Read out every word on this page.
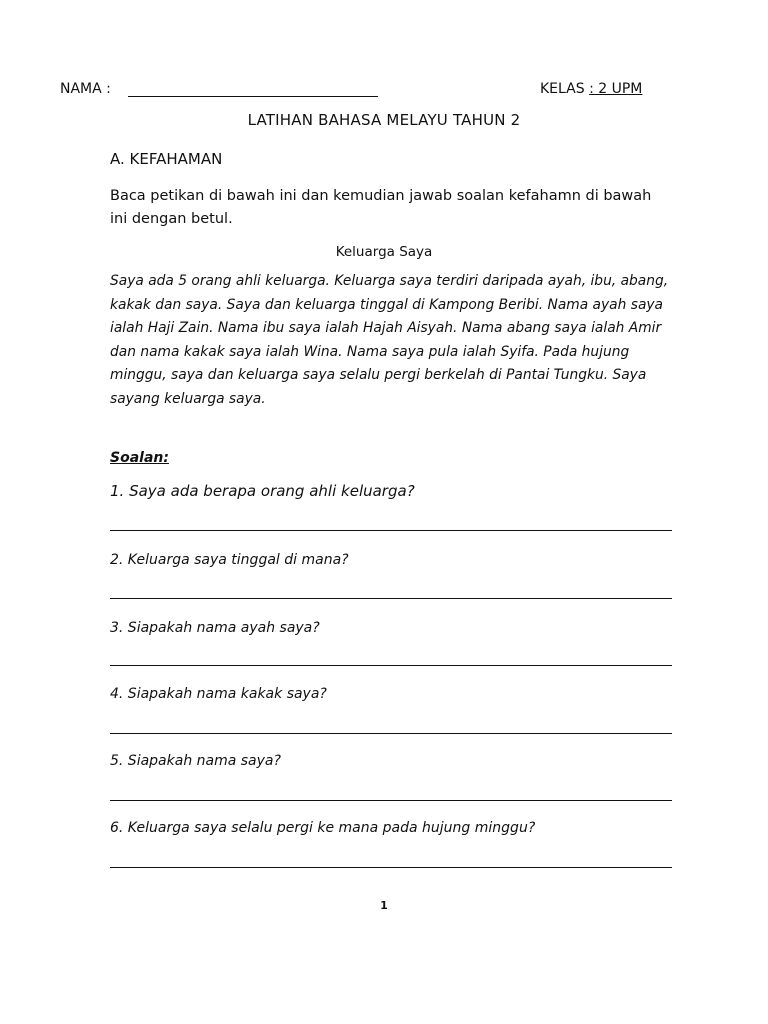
NAMA :	KELAS : 2 UPM
LATIHAN BAHASA MELAYU TAHUN 2
A. KEFAHAMAN
Baca petikan di bawah ini dan kemudian jawab soalan kefahamn di bawah ini dengan betul.
Keluarga Saya
Saya ada 5 orang ahli keluarga. Keluarga saya terdiri daripada ayah, ibu, abang, kakak dan saya. Saya dan keluarga tinggal di Kampong Beribi. Nama ayah saya ialah Haji Zain. Nama ibu saya ialah Hajah Aisyah. Nama abang saya ialah Amir dan nama kakak saya ialah Wina. Nama saya pula ialah Syifa. Pada hujung minggu, saya dan keluarga saya selalu pergi berkelah di Pantai Tungku. Saya sayang keluarga saya.
Soalan:
1. Saya ada berapa orang ahli keluarga?
2. Keluarga saya tinggal di mana?
3. Siapakah nama ayah saya?
4. Siapakah nama kakak saya?
5. Siapakah nama saya?
6. Keluarga saya selalu pergi ke mana pada hujung minggu?
1
